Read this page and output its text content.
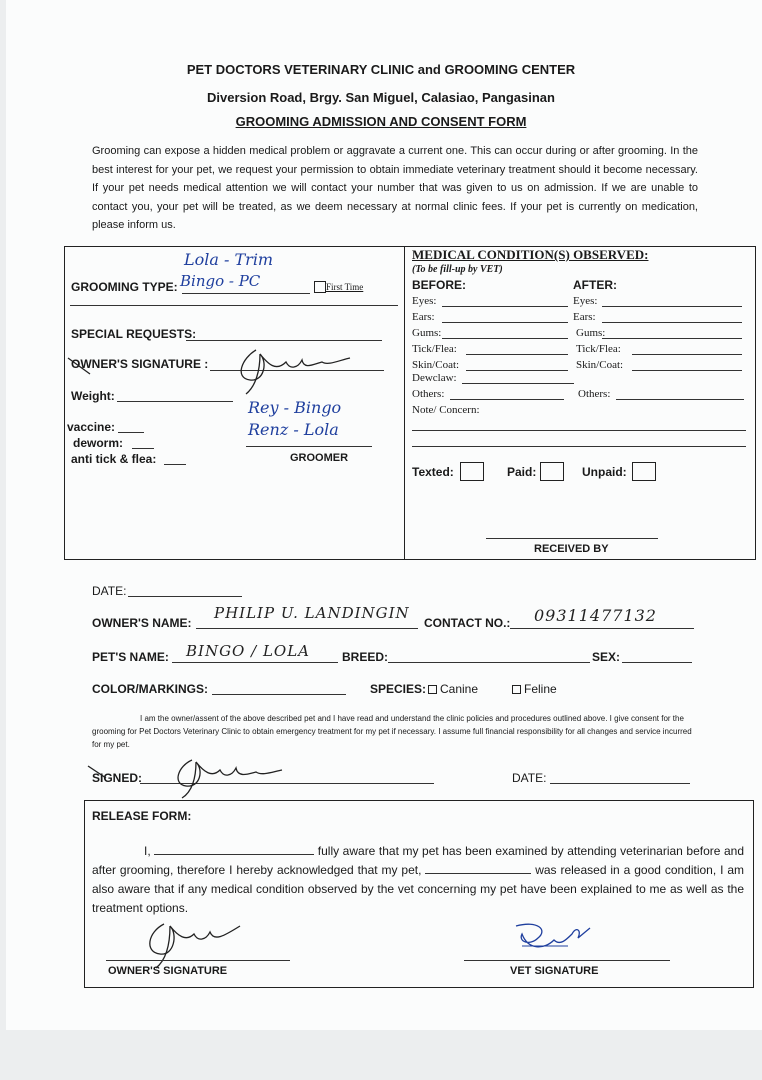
PET DOCTORS VETERINARY CLINIC and GROOMING CENTER
Diversion Road, Brgy. San Miguel, Calasiao, Pangasinan
GROOMING ADMISSION AND CONSENT FORM
Grooming can expose a hidden medical problem or aggravate a current one. This can occur during or after grooming. In the best interest for your pet, we request your permission to obtain immediate veterinary treatment should it become necessary. If your pet needs medical attention we will contact your number that was given to us on admission. If we are unable to contact you, your pet will be treated, as we deem necessary at normal clinic fees. If your pet is currently on medication, please inform us.
Lola - Trim
Bingo - PC
GROOMING TYPE:	First Time
SPECIAL REQUESTS:
OWNER'S SIGNATURE :
Weight:
vaccine:
deworm:
anti tick & flea:
Rey - Bingo
Renz - Lola
GROOMER
MEDICAL CONDITION(S) OBSERVED:
(To be fill-up by VET)
BEFORE:	AFTER:
Eyes:	Eyes:
Ears:	Ears:
Gums:	Gums:
Tick/Flea:	Tick/Flea:
Skin/Coat:	Skin/Coat:
Dewclaw:
Others:	Others:
Note/ Concern:
Texted:	Paid:	Unpaid:
RECEIVED BY
DATE:
OWNER'S NAME:
PHILIP U. LANDINGIN
CONTACT NO.: 09311477132
PET'S NAME: BINGO / LOLA	BREED:	SEX:
COLOR/MARKINGS:	SPECIES: Canine	Feline
I am the owner/assent of the above described pet and I have read and understand the clinic policies and procedures outlined above. I give consent for the grooming for Pet Doctors Veterinary Clinic to obtain emergency treatment for my pet if necessary. I assume full financial responsibility for all changes and service incurred for my pet.
SIGNED:	DATE:
RELEASE FORM:
I,	fully aware that my pet has been examined by attending veterinarian before and after grooming, therefore I hereby acknowledged that my pet,	was released in a good condition, I am also aware that if any medical condition observed by the vet concerning my pet have been explained to me as well as the treatment options.
OWNER'S SIGNATURE	VET SIGNATURE
